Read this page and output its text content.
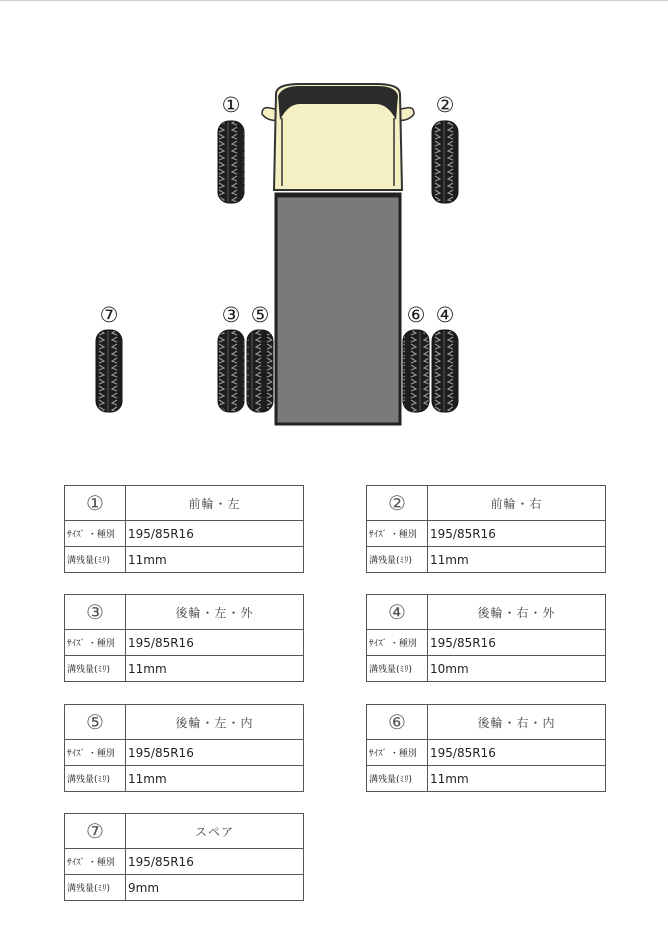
①	②
③ ⑤	⑥ ④
⑦
①	前輪・左
ｻｲｽﾞ ・種別	195/85R16
溝残量(ﾐﾘ)	11mm
②	前輪・右
ｻｲｽﾞ ・種別	195/85R16
溝残量(ﾐﾘ)	11mm
③	後輪・左・外
ｻｲｽﾞ ・種別	195/85R16
溝残量(ﾐﾘ)	11mm
④	後輪・右・外
ｻｲｽﾞ ・種別	195/85R16
溝残量(ﾐﾘ)	10mm
⑤	後輪・左・内
ｻｲｽﾞ ・種別	195/85R16
溝残量(ﾐﾘ)	11mm
⑥	後輪・右・内
ｻｲｽﾞ ・種別	195/85R16
溝残量(ﾐﾘ)	11mm
⑦	スペア
ｻｲｽﾞ ・種別	195/85R16
溝残量(ﾐﾘ)	9mm
